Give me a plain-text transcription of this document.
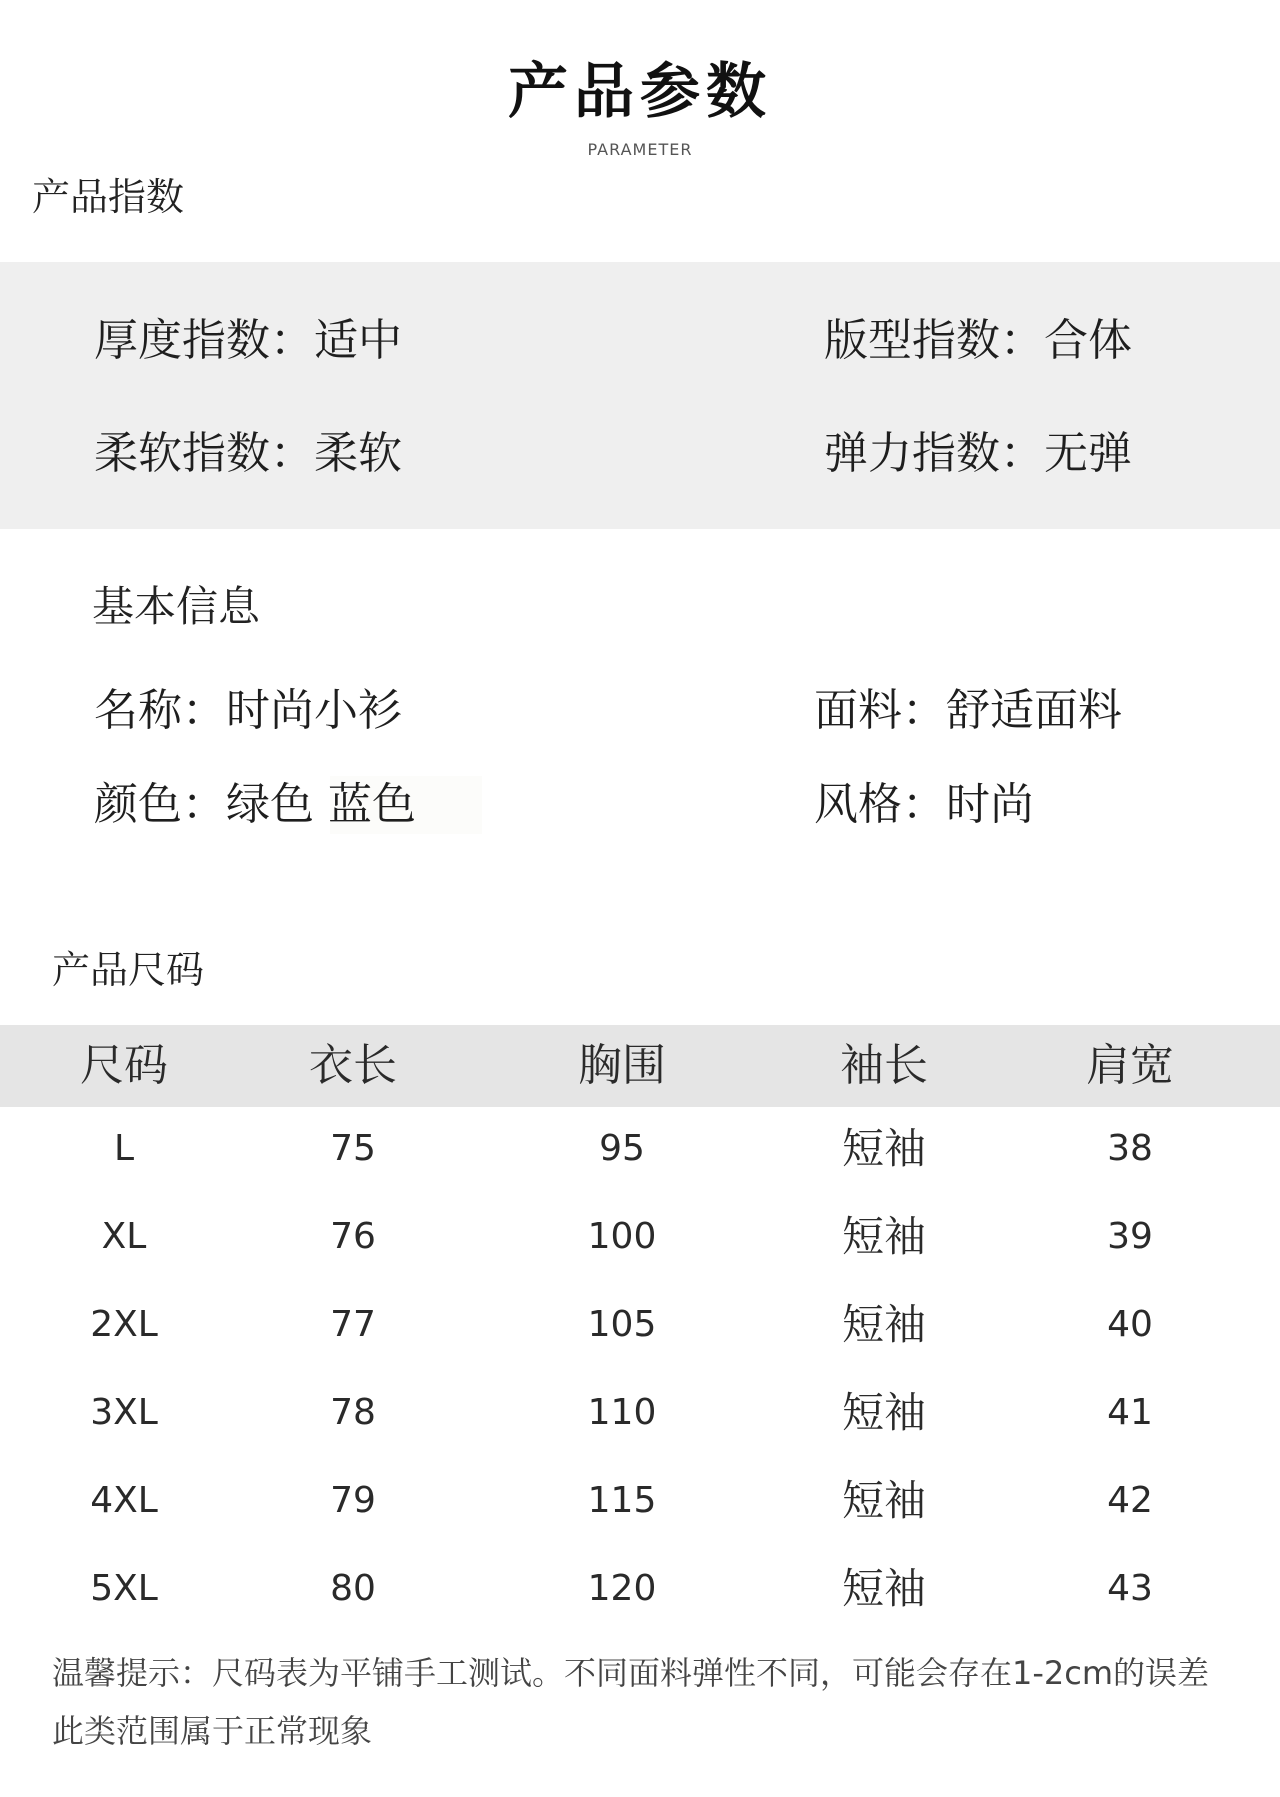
产品参数
PARAMETER
产品指数
厚度指数：适中	版型指数：合体
柔软指数：柔软	弹力指数：无弹
基本信息
名称：时尚小衫	面料：舒适面料
颜色：绿色 蓝色	风格：时尚
产品尺码
尺码	衣长	胸围	袖长	肩宽
L	75	95	短袖	38
XL	76	100	短袖	39
2XL	77	105	短袖	40
3XL	78	110	短袖	41
4XL	79	115	短袖	42
5XL	80	120	短袖	43
温馨提示：尺码表为平铺手工测试。不同面料弹性不同，可能会存在1-2cm的误差
此类范围属于正常现象
